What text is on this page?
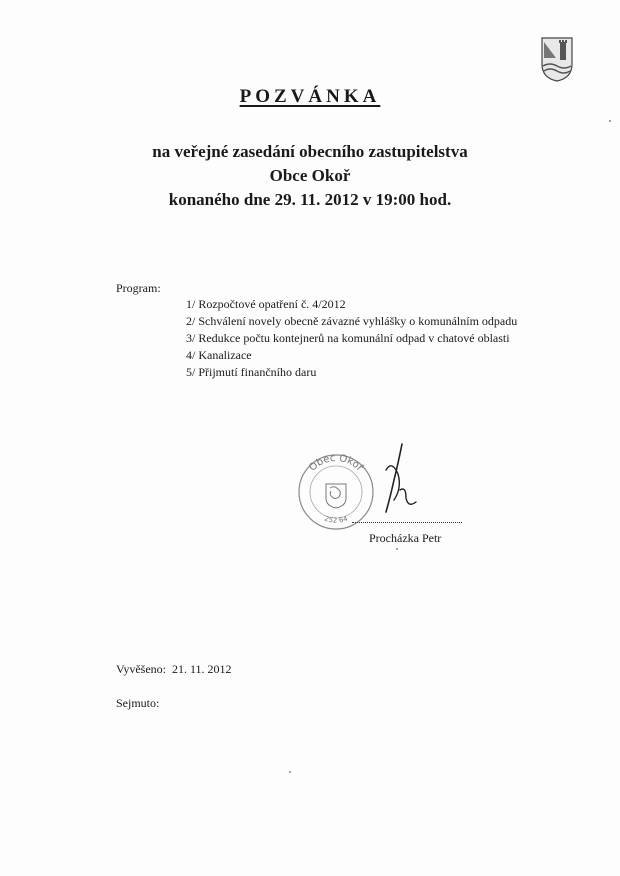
POZVÁNKA
na veřejné zasedání obecního zastupitelstva
Obce Okoř
konaného dne 29. 11. 2012 v 19:00 hod.
Program:
1/ Rozpočtové opatření č. 4/2012
2/ Schválení novely obecně závazné vyhlášky o komunálním odpadu
3/ Redukce počtu kontejnerů na komunální odpad v chatové oblasti
4/ Kanalizace
5/ Přijmutí finančního daru
Obec Okoř
252 64
Procházka Petr
Vyvěšeno: 21. 11. 2012
Sejmuto:
